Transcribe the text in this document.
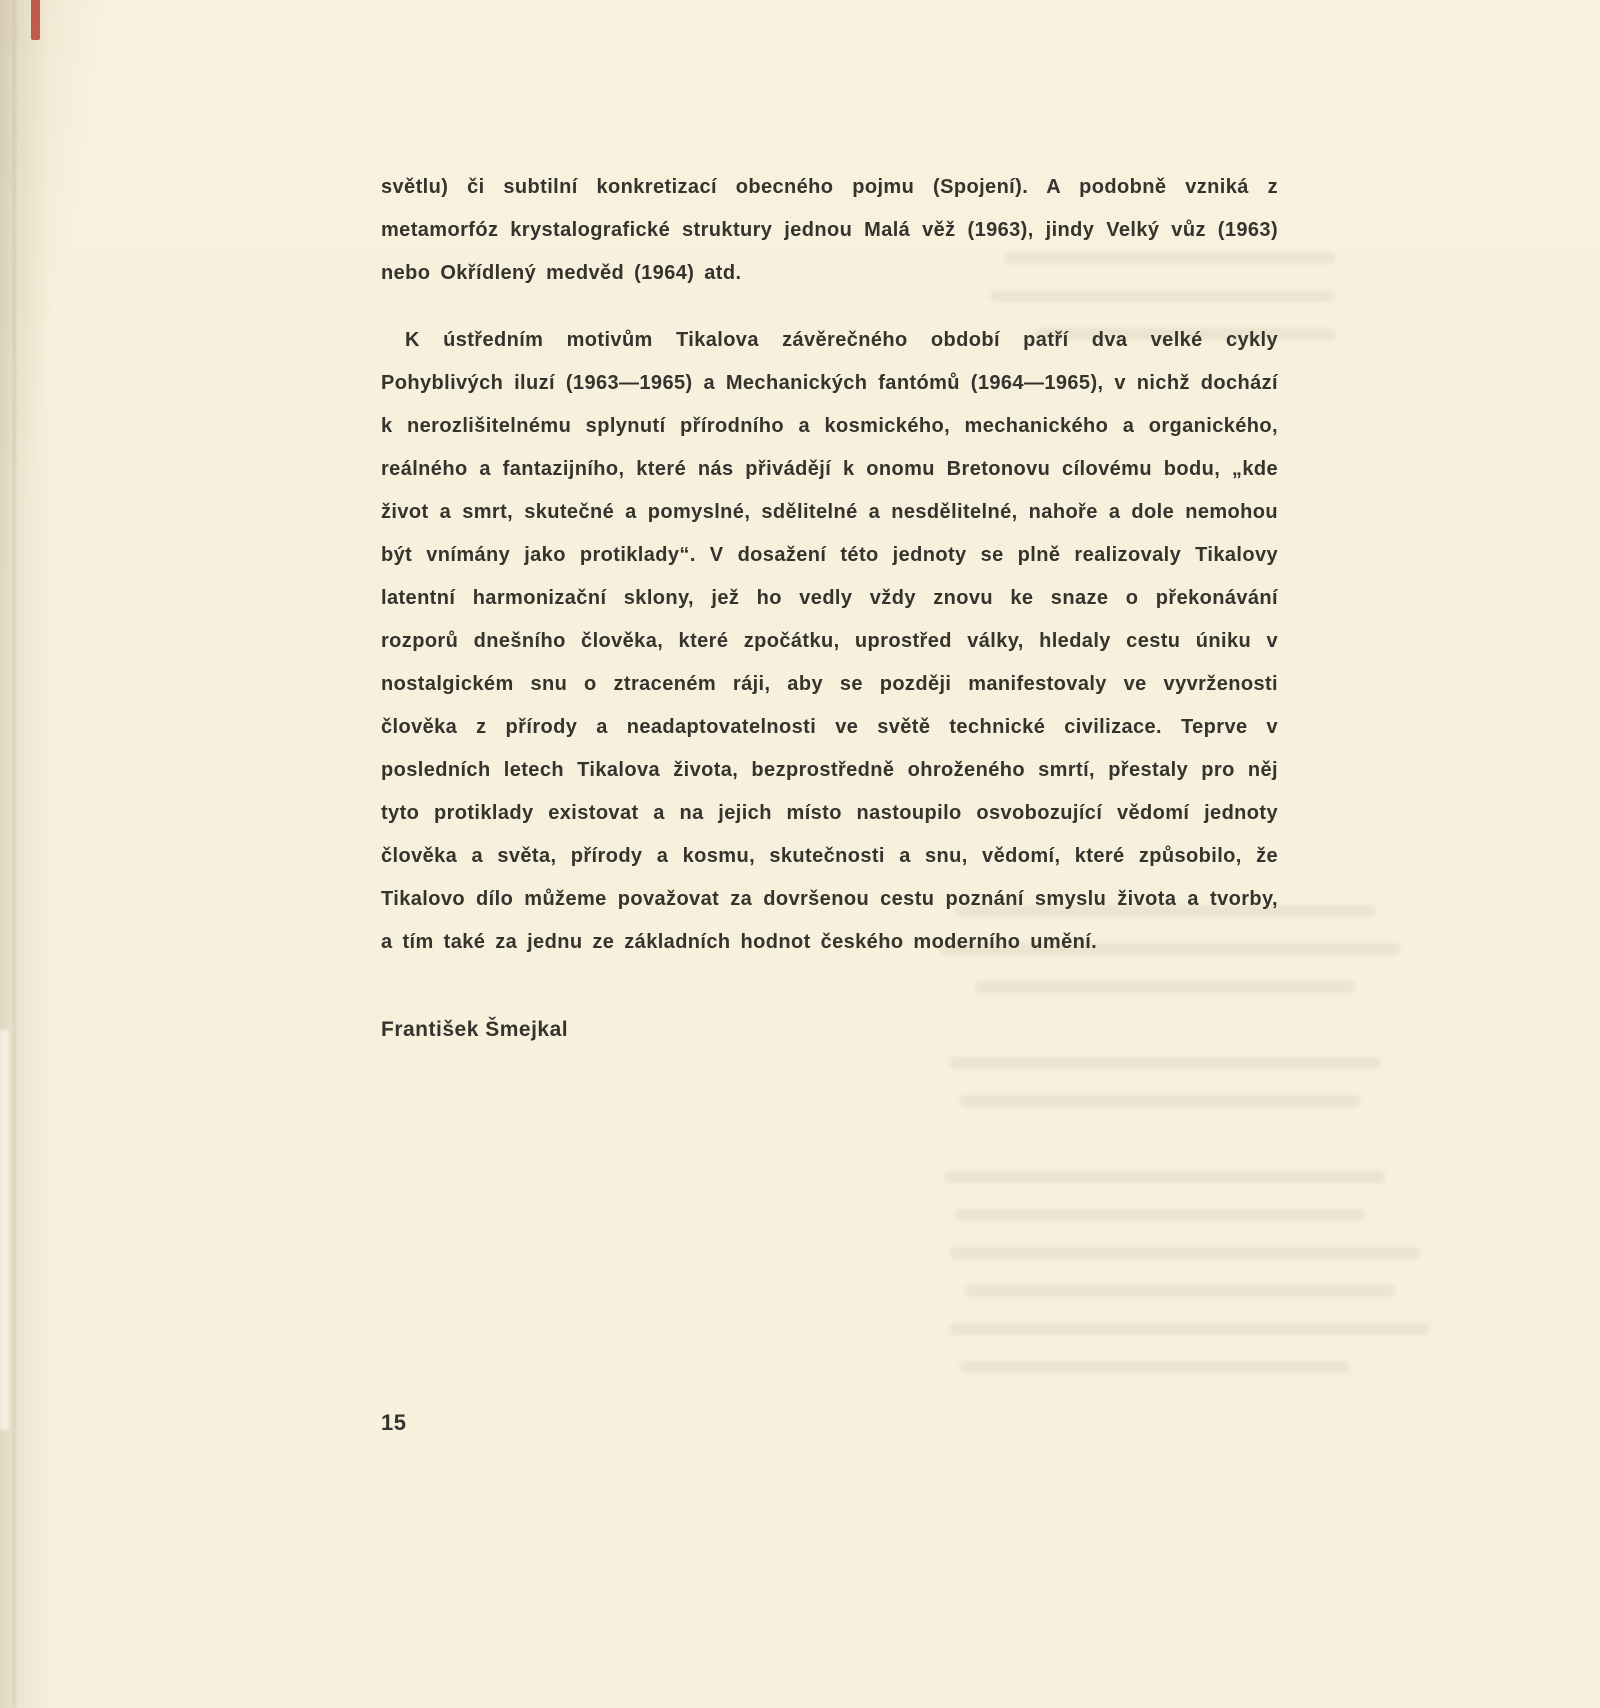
světlu) či subtilní konkretizací obecného pojmu (Spojení). A podobně vzniká z metamorfóz krystalografické struktury jednou Malá věž (1963), jindy Velký vůz (1963) nebo Okřídlený medvěd (1964) atd.

K ústředním motivům Tikalova závěrečného období patří dva velké cykly Pohyblivých iluzí (1963—1965) a Mechanických fantómů (1964—1965), v nichž dochází k nerozlišitelnému splynutí přírodního a kosmického, mechanického a organického, reálného a fantazijního, které nás přivádějí k onomu Bretonovu cílovému bodu, „kde život a smrt, skutečné a pomyslné, sdělitelné a nesdělitelné, nahoře a dole nemohou být vnímány jako protiklady“. V dosažení této jednoty se plně realizovaly Tikalovy latentní harmonizační sklony, jež ho vedly vždy znovu ke snaze o překonávání rozporů dnešního člověka, které zpočátku, uprostřed války, hledaly cestu úniku v nostalgickém snu o ztraceném ráji, aby se později manifestovaly ve vyvrženosti člověka z přírody a neadaptovatelnosti ve světě technické civilizace. Teprve v posledních letech Tikalova života, bezprostředně ohroženého smrtí, přestaly pro něj tyto protiklady existovat a na jejich místo nastoupilo osvobozující vědomí jednoty člověka a světa, přírody a kosmu, skutečnosti a snu, vědomí, které způsobilo, že Tikalovo dílo můžeme považovat za dovršenou cestu poznání smyslu života a tvorby, a tím také za jednu ze základních hodnot českého moderního umění.

František Šmejkal

15
